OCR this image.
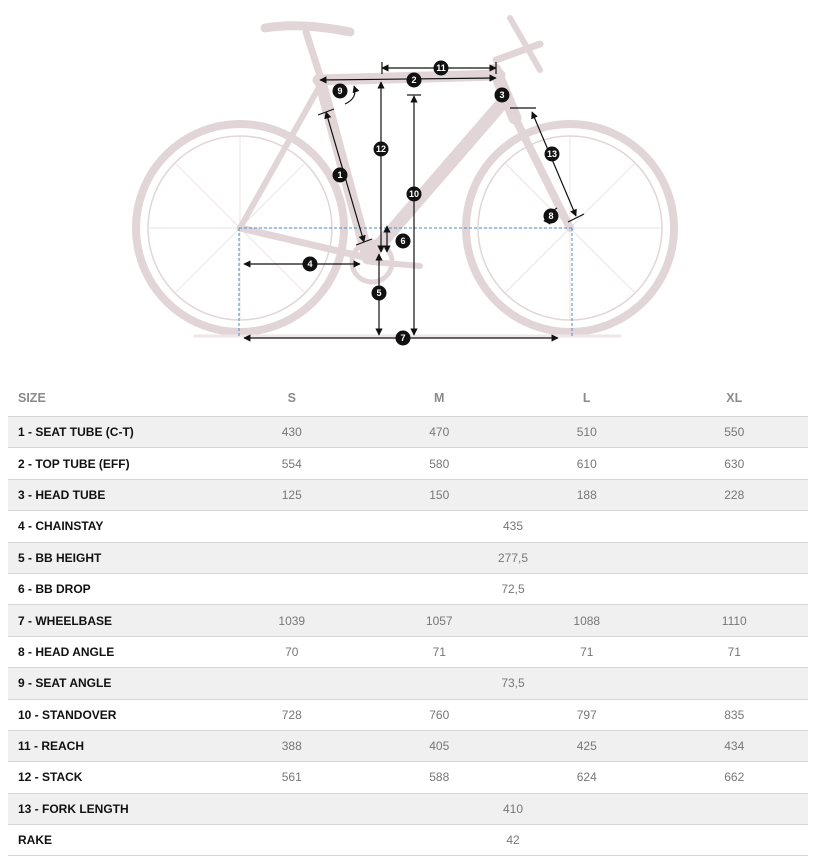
1
2
3
4
5
6
7
8
9
10
11
12	13
SIZE	S	M	L	XL
1 - SEAT TUBE (C-T)	430	470	510	550
2 - TOP TUBE (EFF)	554	580	610	630
3 - HEAD TUBE	125	150	188	228
4 - CHAINSTAY	435			
5 - BB HEIGHT	277,5			
6 - BB DROP	72,5			
7 - WHEELBASE	1039	1057	1088	1110
8 - HEAD ANGLE	70	71	71	71
9 - SEAT ANGLE	73,5			
10 - STANDOVER	728	760	797	835
11 - REACH	388	405	425	434
12 - STACK	561	588	624	662
13 - FORK LENGTH	410			
RAKE	42			
